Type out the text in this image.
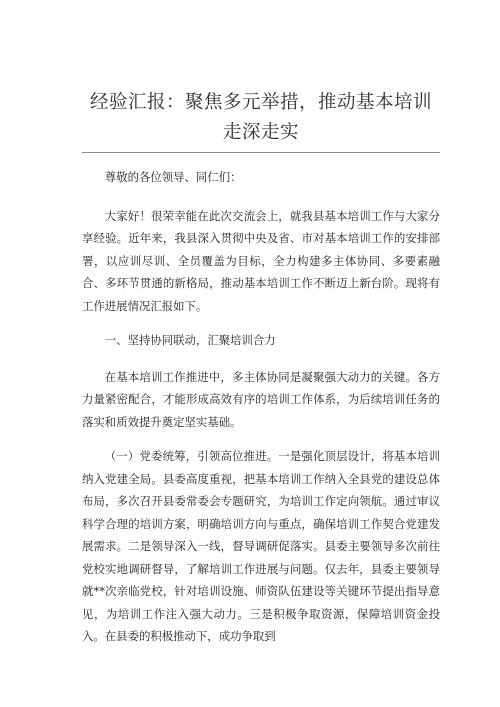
经验汇报：聚焦多元举措，推动基本培训走深走实

尊敬的各位领导、同仁们：

大家好！很荣幸能在此次交流会上，就我县基本培训工作与大家分享经验。近年来，我县深入贯彻中央及省、市对基本培训工作的安排部署，以应训尽训、全员覆盖为目标，全力构建多主体协同、多要素融合、多环节贯通的新格局，推动基本培训工作不断迈上新台阶。现将有工作进展情况汇报如下。

一、坚持协同联动，汇聚培训合力

在基本培训工作推进中，多主体协同是凝聚强大动力的关键。各方力量紧密配合，才能形成高效有序的培训工作体系，为后续培训任务的落实和质效提升奠定坚实基础。

（一）党委统筹，引领高位推进。一是强化顶层设计，将基本培训纳入党建全局。县委高度重视，把基本培训工作纳入全县党的建设总体布局，多次召开县委常委会专题研究，为培训工作定向领航。通过审议科学合理的培训方案，明确培训方向与重点，确保培训工作契合党建发展需求。二是领导深入一线，督导调研促落实。县委主要领导多次前往党校实地调研督导，了解培训工作进展与问题。仅去年，县委主要领导就**次亲临党校，针对培训设施、师资队伍建设等关键环节提出指导意见，为培训工作注入强大动力。三是积极争取资源，保障培训资金投入。在县委的积极推动下，成功争取到
